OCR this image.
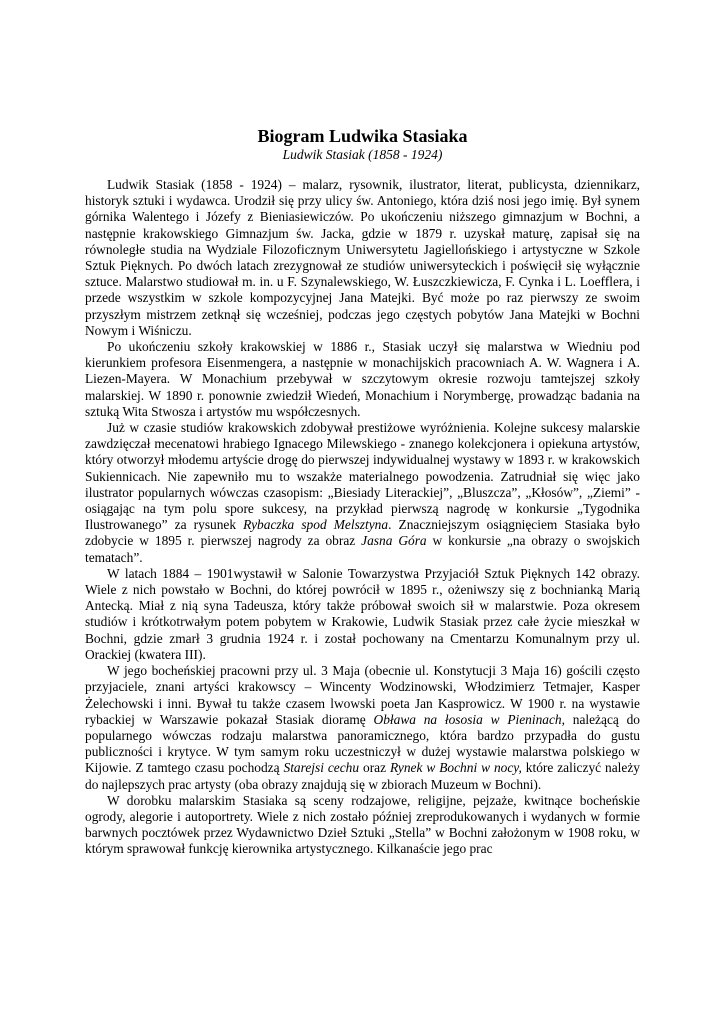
Biogram Ludwika Stasiaka

Ludwik Stasiak (1858 - 1924)

Ludwik Stasiak (1858 - 1924) – malarz, rysownik, ilustrator, literat, publicysta, dziennikarz, historyk sztuki i wydawca. Urodził się przy ulicy św. Antoniego, która dziś nosi jego imię. Był synem górnika Walentego i Józefy z Bieniasiewiczów. Po ukończeniu niższego gimnazjum w Bochni, a następnie krakowskiego Gimnazjum św. Jacka, gdzie w 1879 r. uzyskał maturę, zapisał się na równoległe studia na Wydziale Filozoficznym Uniwersytetu Jagiellońskiego i artystyczne w Szkole Sztuk Pięknych. Po dwóch latach zrezygnował ze studiów uniwersyteckich i poświęcił się wyłącznie sztuce. Malarstwo studiował m. in. u F. Szynalewskiego, W. Łuszczkiewicza, F. Cynka i L. Loefflera, i przede wszystkim w szkole kompozycyjnej Jana Matejki. Być może po raz pierwszy ze swoim przyszłym mistrzem zetknął się wcześniej, podczas jego częstych pobytów Jana Matejki w Bochni Nowym i Wiśniczu.

Po ukończeniu szkoły krakowskiej w 1886 r., Stasiak uczył się malarstwa w Wiedniu pod kierunkiem profesora Eisenmengera, a następnie w monachijskich pracowniach A. W. Wagnera i A. Liezen-Mayera. W Monachium przebywał w szczytowym okresie rozwoju tamtejszej szkoły malarskiej. W 1890 r. ponownie zwiedził Wiedeń, Monachium i Norymbergę, prowadząc badania na sztuką Wita Stwosza i artystów mu współczesnych.

Już w czasie studiów krakowskich zdobywał prestiżowe wyróżnienia. Kolejne sukcesy malarskie zawdzięczał mecenatowi hrabiego Ignacego Milewskiego - znanego kolekcjonera i opiekuna artystów, który otworzył młodemu artyście drogę do pierwszej indywidualnej wystawy w 1893 r. w krakowskich Sukiennicach. Nie zapewniło mu to wszakże materialnego powodzenia. Zatrudniał się więc jako ilustrator popularnych wówczas czasopism: „Biesiady Literackiej”, „Bluszcza”, „Kłosów”, „Ziemi” - osiągając na tym polu spore sukcesy, na przykład pierwszą nagrodę w konkursie „Tygodnika Ilustrowanego” za rysunek Rybaczka spod Melsztyna. Znaczniejszym osiągnięciem Stasiaka było zdobycie w 1895 r. pierwszej nagrody za obraz Jasna Góra w konkursie „na obrazy o swojskich tematach”.

W latach 1884 – 1901wystawił w Salonie Towarzystwa Przyjaciół Sztuk Pięknych 142 obrazy. Wiele z nich powstało w Bochni, do której powrócił w 1895 r., ożeniwszy się z bochnianką Marią Antecką. Miał z nią syna Tadeusza, który także próbował swoich sił w malarstwie. Poza okresem studiów i krótkotrwałym potem pobytem w Krakowie, Ludwik Stasiak przez całe życie mieszkał w Bochni, gdzie zmarł 3 grudnia 1924 r. i został pochowany na Cmentarzu Komunalnym przy ul. Orackiej (kwatera III).

W jego bocheńskiej pracowni przy ul. 3 Maja (obecnie ul. Konstytucji 3 Maja 16) gościli często przyjaciele, znani artyści krakowscy – Wincenty Wodzinowski, Włodzimierz Tetmajer, Kasper Żelechowski i inni. Bywał tu także czasem lwowski poeta Jan Kasprowicz. W 1900 r. na wystawie rybackiej w Warszawie pokazał Stasiak dioramę Obława na łososia w Pieninach, należącą do popularnego wówczas rodzaju malarstwa panoramicznego, która bardzo przypadła do gustu publiczności i krytyce. W tym samym roku uczestniczył w dużej wystawie malarstwa polskiego w Kijowie. Z tamtego czasu pochodzą Starejsi cechu oraz Rynek w Bochni w nocy, które zaliczyć należy do najlepszych prac artysty (oba obrazy znajdują się w zbiorach Muzeum w Bochni).

W dorobku malarskim Stasiaka są sceny rodzajowe, religijne, pejzaże, kwitnące bocheńskie ogrody, alegorie i autoportrety. Wiele z nich zostało później zreprodukowanych i wydanych w formie barwnych pocztówek przez Wydawnictwo Dzieł Sztuki „Stella” w Bochni założonym w 1908 roku, w którym sprawował funkcję kierownika artystycznego. Kilkanaście jego prac
